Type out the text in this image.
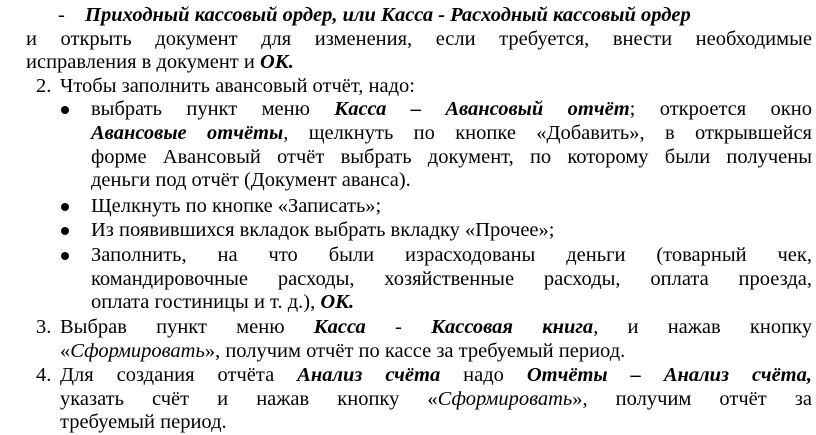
- Приходный кассовый ордер, или Касса - Расходный кассовый ордер
и открыть документ для изменения, если требуется, внести необходимые
исправления в документ и ОК.
2. Чтобы заполнить авансовый отчёт, надо:
выбрать пункт меню Касса – Авансовый отчёт; откроется окно
Авансовые отчёты, щелкнуть по кнопке «Добавить», в открывшейся
форме Авансовый отчёт выбрать документ, по которому были получены
деньги под отчёт (Документ аванса).
Щелкнуть по кнопке «Записать»;
Из появившихся вкладок выбрать вкладку «Прочее»;
Заполнить, на что были израсходованы деньги (товарный чек,
командировочные расходы, хозяйственные расходы, оплата проезда,
оплата гостиницы и т. д.), ОК.
3. Выбрав пункт меню Касса - Кассовая книга, и нажав кнопку
«Сформировать», получим отчёт по кассе за требуемый период.
4. Для создания отчёта Анализ счёта надо Отчёты – Анализ счёта,
указать счёт и нажав кнопку «Сформировать», получим отчёт за
требуемый период.
